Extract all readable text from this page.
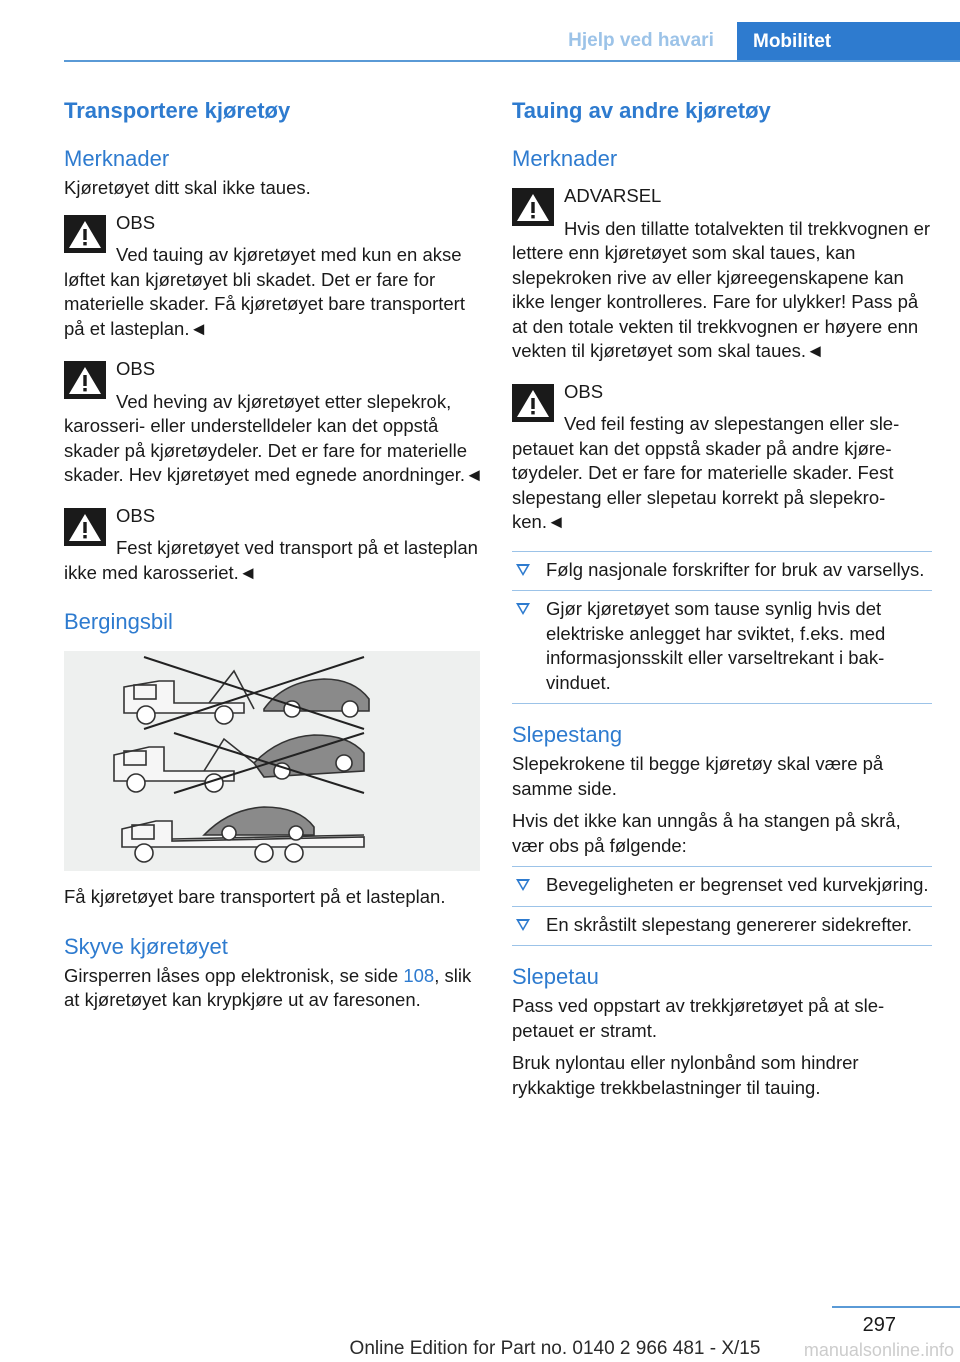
Hjelp ved havari	Mobilitet
Transportere kjøretøy
Merknader

Kjøretøyet ditt skal ikke taues.

OBS
Ved tauing av kjøretøyet med kun en akse løftet kan kjøretøyet bli skadet. Det er fare for materielle skader. Få kjøretøyet bare transportert på et lasteplan.◄
OBS
Ved heving av kjøretøyet etter slepekrok, karosseri- eller understelldeler kan det oppstå skader på kjøretøydeler. Det er fare for materielle skader. Hev kjøretøyet med egnede anordninger.◄
OBS
Fest kjøretøyet ved transport på et lasteplan ikke med karosseriet.◄
Bergingsbil

Få kjøretøyet bare transportert på et lasteplan.

Skyve kjøretøyet

Girsperren låses opp elektronisk, se side 108, slik at kjøretøyet kan krypkjøre ut av faresonen.

Tauing av andre kjøretøy
Merknader
ADVARSEL
Hvis den tillatte totalvekten til trekkvognen er lettere enn kjøretøyet som skal taues, kan slepekroken rive av eller kjøreegenskapene kan ikke lenger kontrolleres. Fare for ulykker! Pass på at den totale vekten til trekkvognen er høyere enn vekten til kjøretøyet som skal taues.◄
OBS
Ved feil festing av slepestangen eller slepetauet kan det oppstå skader på andre kjøretøydeler. Det er fare for materielle skader. Fest slepestang eller slepetau korrekt på slepekroken.◄
Følg nasjonale forskrifter for bruk av varsellys.
Gjør kjøretøyet som tause synlig hvis det elektriske anlegget har sviktet, f.eks. med informasjonsskilt eller varseltrekant i bakvinduet.
Slepestang

Slepekrokene til begge kjøretøy skal være på samme side.

Hvis det ikke kan unngås å ha stangen på skrå, vær obs på følgende:

Bevegeligheten er begrenset ved kurvekjøring.
En skråstilt slepestang genererer sidekrefter.
Slepetau

Pass ved oppstart av trekkjøretøyet på at slepetauet er stramt.

Bruk nylontau eller nylonbånd som hindrer rykkaktige trekkbelastninger til tauing.

297
Online Edition for Part no. 0140 2 966 481 - X/15	manualsonline.info
